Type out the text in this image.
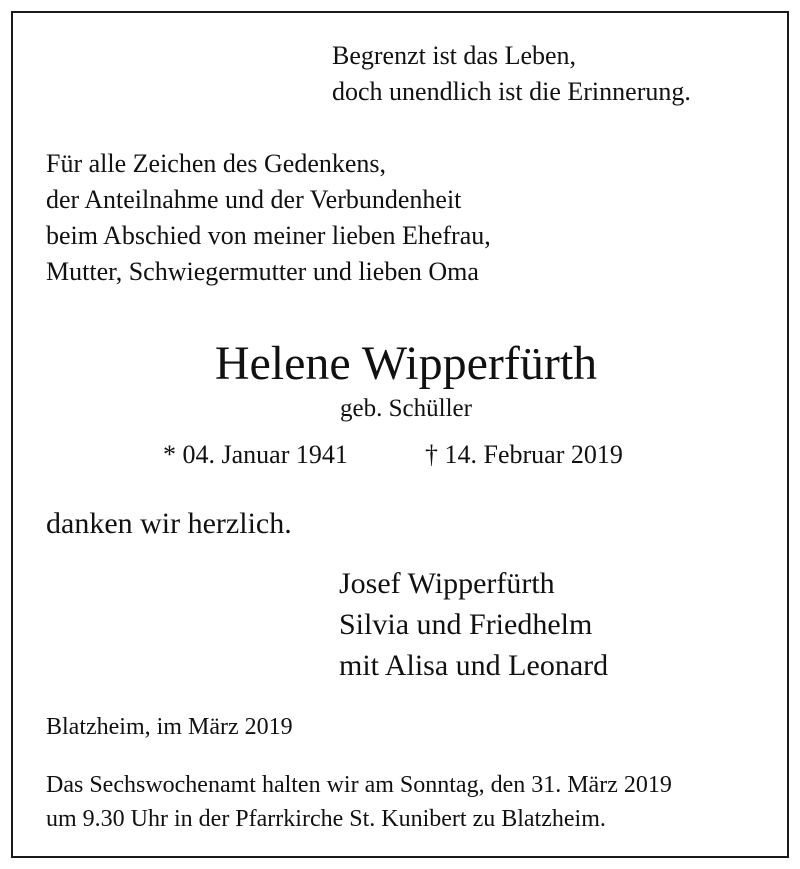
Begrenzt ist das Leben,
doch unendlich ist die Erinnerung.

Für alle Zeichen des Gedenkens,
der Anteilnahme und der Verbundenheit
beim Abschied von meiner lieben Ehefrau,
Mutter, Schwiegermutter und lieben Oma

Helene Wipperfürth
geb. Schüller
* 04. Januar 1941	† 14. Februar 2019
danken wir herzlich.

Josef Wipperfürth
Silvia und Friedhelm
mit Alisa und Leonard

Blatzheim, im März 2019

Das Sechswochenamt halten wir am Sonntag, den 31. März 2019
um 9.30 Uhr in der Pfarrkirche St. Kunibert zu Blatzheim.
